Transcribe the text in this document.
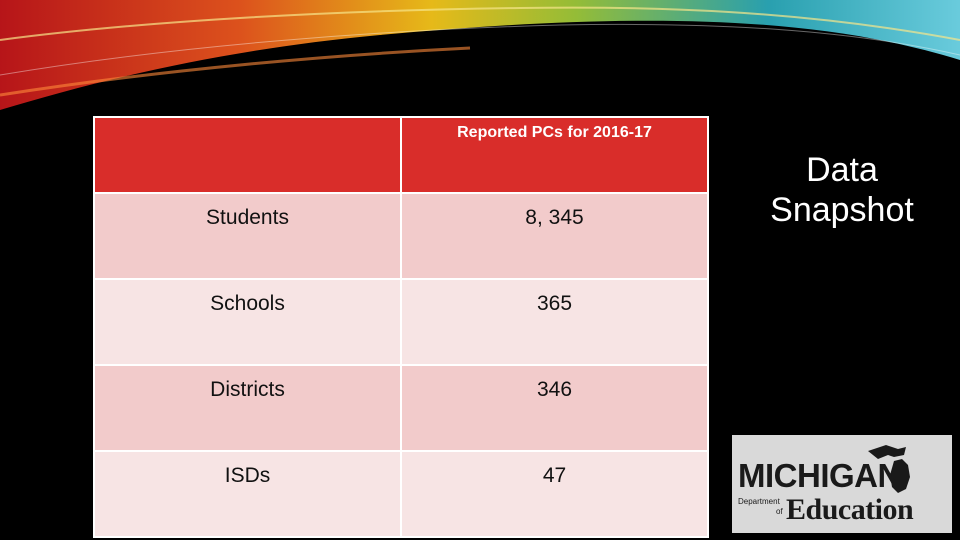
	Reported PCs for 2016-17
Students	8, 345
Schools	365
Districts	346
ISDs	47
Data
Snapshot
MICHIGAN
Department
of Education
